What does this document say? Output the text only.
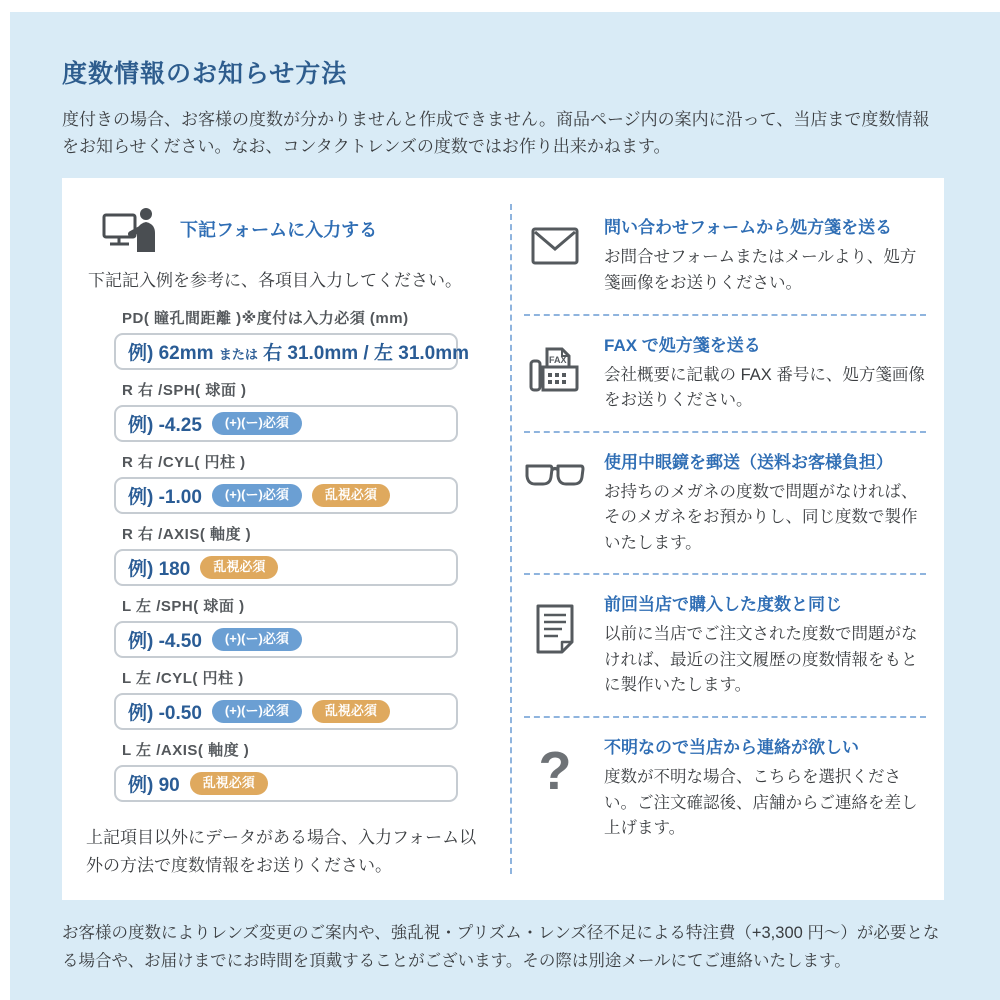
度数情報のお知らせ方法
度付きの場合、お客様の度数が分かりませんと作成できません。商品ページ内の案内に沿って、当店まで度数情報をお知らせください。なお、コンタクトレンズの度数ではお作り出来かねます。
下記フォームに入力する
下記記入例を参考に、各項目入力してください。
PD( 瞳孔間距離 )※度付は入力必須 (mm)
例) 62mm または 右 31.0mm / 左 31.0mm
R 右 /SPH( 球面 )
例) -4.25	(+)(ー)必須
R 右 /CYL( 円柱 )
例) -1.00	(+)(ー)必須	乱視必須
R 右 /AXIS( 軸度 )
例) 180	乱視必須
L 左 /SPH( 球面 )
例) -4.50	(+)(ー)必須
L 左 /CYL( 円柱 )
例) -0.50	(+)(ー)必須	乱視必須
L 左 /AXIS( 軸度 )
例) 90	乱視必須
上記項目以外にデータがある場合、入力フォーム以外の方法で度数情報をお送りください。
問い合わせフォームから処方箋を送る
お問合せフォームまたはメールより、処方箋画像をお送りください。
FAX
FAX で処方箋を送る
会社概要に記載の FAX 番号に、処方箋画像をお送りください。
使用中眼鏡を郵送（送料お客様負担）
お持ちのメガネの度数で問題がなければ、そのメガネをお預かりし、同じ度数で製作いたします。
前回当店で購入した度数と同じ
以前に当店でご注文された度数で問題がなければ、最近の注文履歴の度数情報をもとに製作いたします。
? 不明なので当店から連絡が欲しい
度数が不明な場合、こちらを選択ください。ご注文確認後、店舗からご連絡を差し上げます。
お客様の度数によりレンズ変更のご案内や、強乱視・プリズム・レンズ径不足による特注費（+3,300 円〜）が必要となる場合や、お届けまでにお時間を頂戴することがございます。その際は別途メールにてご連絡いたします。
